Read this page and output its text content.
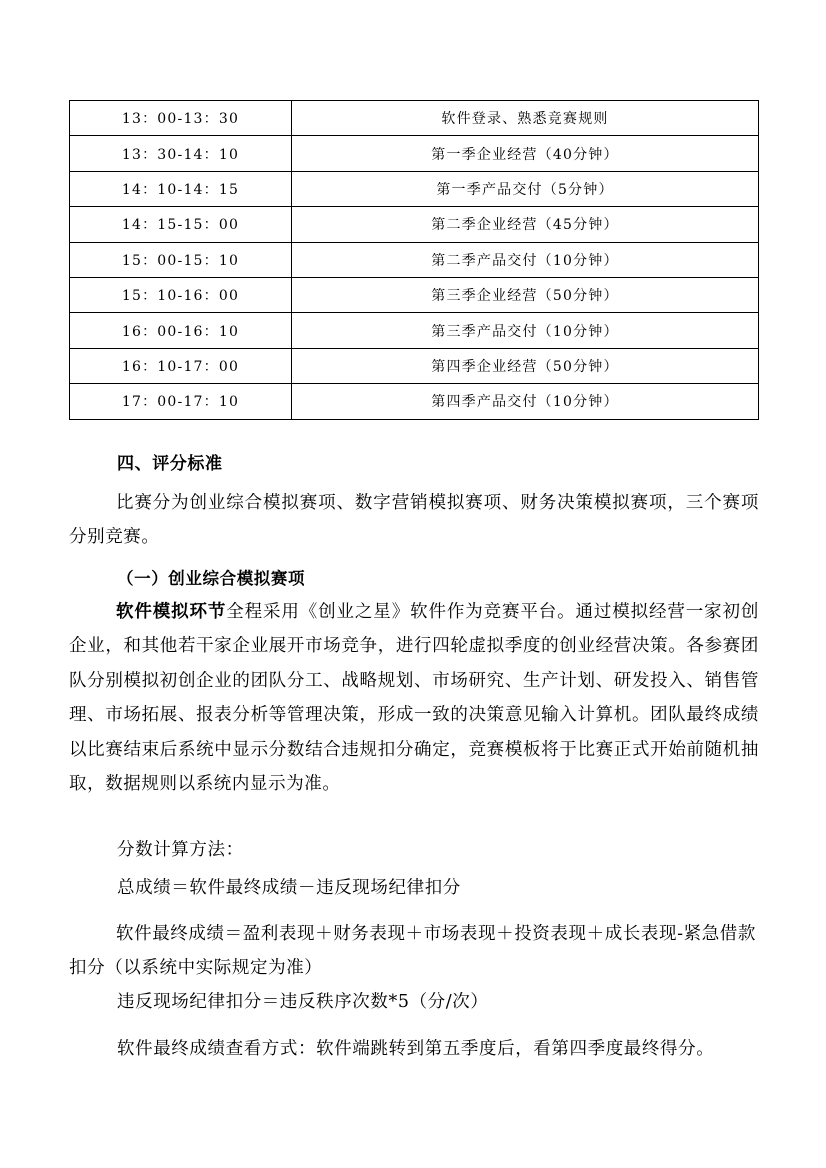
13：00-13：30	软件登录、熟悉竞赛规则
13：30-14：10	第一季企业经营（40分钟）
14：10-14：15	第一季产品交付（5分钟）
14：15-15：00	第二季企业经营（45分钟）
15：00-15：10	第二季产品交付（10分钟）
15：10-16：00	第三季企业经营（50分钟）
16：00-16：10	第三季产品交付（10分钟）
16：10-17：00	第四季企业经营（50分钟）
17：00-17：10	第四季产品交付（10分钟）
四、评分标准

比赛分为创业综合模拟赛项、数字营销模拟赛项、财务决策模拟赛项，三个赛项分别竞赛。

（一）创业综合模拟赛项

软件模拟环节全程采用《创业之星》软件作为竞赛平台。通过模拟经营一家初创企业，和其他若干家企业展开市场竞争，进行四轮虚拟季度的创业经营决策。各参赛团队分别模拟初创企业的团队分工、战略规划、市场研究、生产计划、研发投入、销售管理、市场拓展、报表分析等管理决策，形成一致的决策意见输入计算机。团队最终成绩以比赛结束后系统中显示分数结合违规扣分确定，竞赛模板将于比赛正式开始前随机抽取，数据规则以系统内显示为准。

分数计算方法：

总成绩＝软件最终成绩－违反现场纪律扣分

软件最终成绩＝盈利表现＋财务表现＋市场表现＋投资表现＋成长表现-紧急借款扣分（以系统中实际规定为准）

违反现场纪律扣分＝违反秩序次数*5（分/次）

软件最终成绩查看方式：软件端跳转到第五季度后，看第四季度最终得分。
